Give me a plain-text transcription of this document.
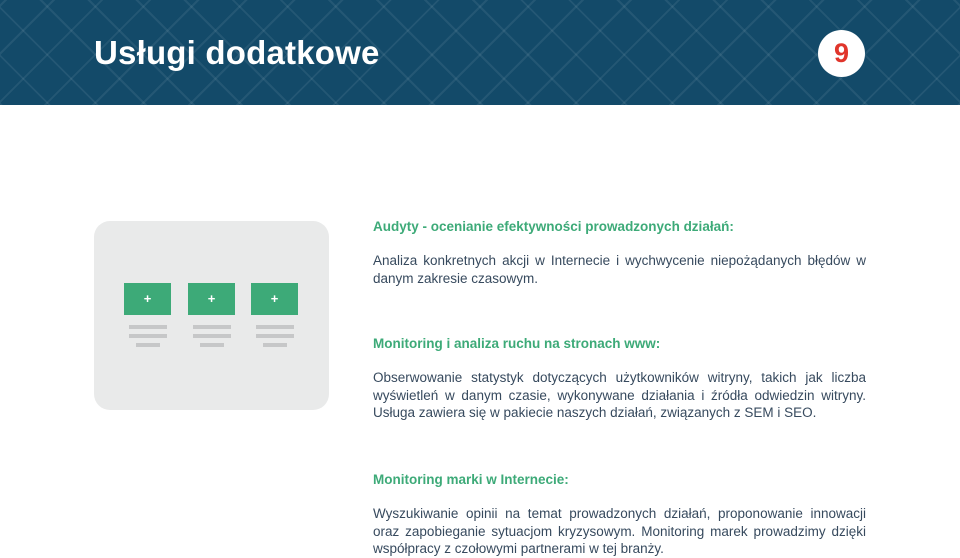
Usługi dodatkowe	9
+	+	+

Audyty - ocenianie efektywności prowadzonych działań:

Analiza konkretnych akcji w Internecie i wychwycenie niepożądanych błędów w danym zakresie czasowym.

Monitoring i analiza ruchu na stronach www:

Obserwowanie statystyk dotyczących użytkowników witryny, takich jak liczba wyświetleń w danym czasie, wykonywane działania i źródła odwiedzin witryny. Usługa zawiera się w pakiecie naszych działań, związanych z SEM i SEO.

Monitoring marki w Internecie:

Wyszukiwanie opinii na temat prowadzonych działań, proponowanie innowacji oraz zapobieganie sytuacjom kryzysowym. Monitoring marek prowadzimy dzięki współpracy z czołowymi partnerami w tej branży.
